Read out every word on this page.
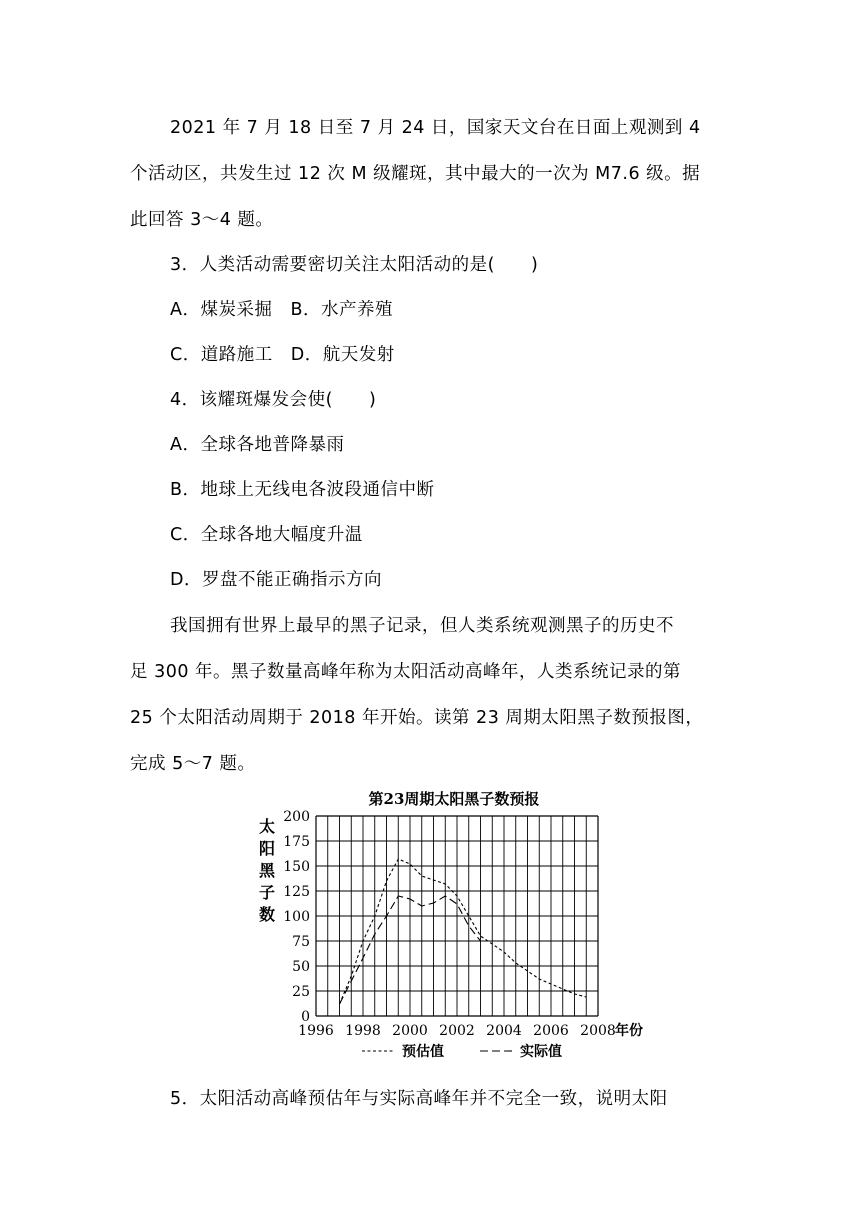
2021 年 7 月 18 日至 7 月 24 日，国家天文台在日面上观测到 4
个活动区，共发生过 12 次 M 级耀斑，其中最大的一次为 M7.6 级。据
此回答 3～4 题。
3．人类活动需要密切关注太阳活动的是(　　)
A．煤炭采掘　B．水产养殖
C．道路施工　D．航天发射
4．该耀斑爆发会使(　　)
A．全球各地普降暴雨
B．地球上无线电各波段通信中断
C．全球各地大幅度升温
D．罗盘不能正确指示方向
我国拥有世界上最早的黑子记录，但人类系统观测黑子的历史不
足 300 年。黑子数量高峰年称为太阳活动高峰年，人类系统记录的第
25 个太阳活动周期于 2018 年开始。读第 23 周期太阳黑子数预报图，
完成 5～7 题。
第23周期太阳黑子数预报
0
25
50
75
100
125
150
175
200
1996 1998 2000 2002 2004 2006 2008
太
阳
黑
子
数
年份
预估值	实际值
5．太阳活动高峰预估年与实际高峰年并不完全一致，说明太阳
